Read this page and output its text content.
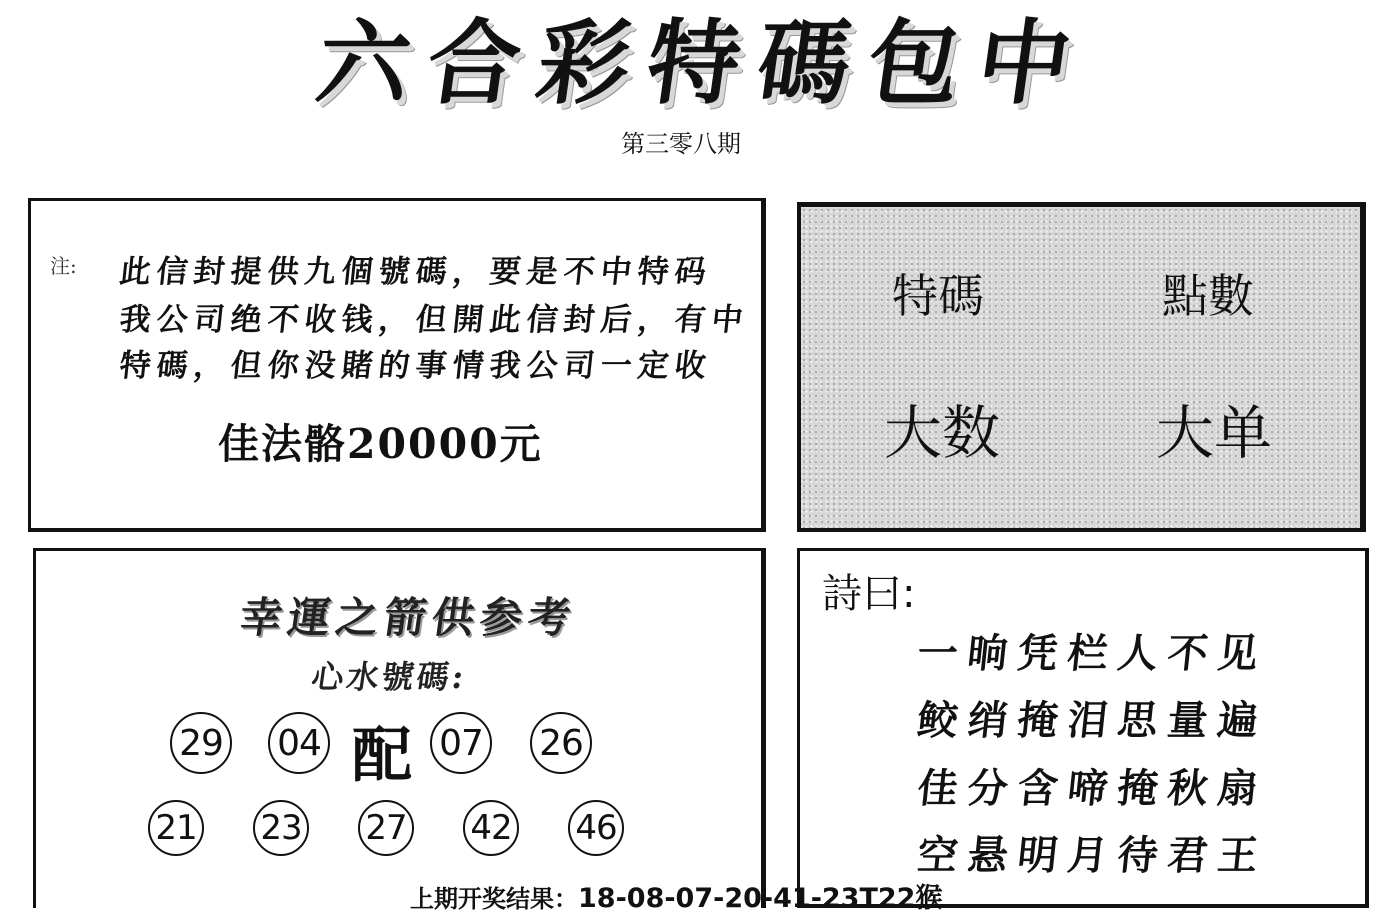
六 合 彩 特 碼 包 中
第三零八期
注: 此信封提供九個號碼，要是不中特码
我公司绝不收钱，但開此信封后，有中
特碼，但你没賭的事情我公司一定收
佳法骼20000元
特碼	點數
大数	大单
幸運之箭供参考
心水號碼:
29 04 配 07 26
21 23 27 42 46
詩曰:
一晌凭栏人不见
鲛绡掩泪思量遍
佳分含啼掩秋扇
空悬明月待君王
上期开奖结果：18-08-07-20-41-23T22猴
